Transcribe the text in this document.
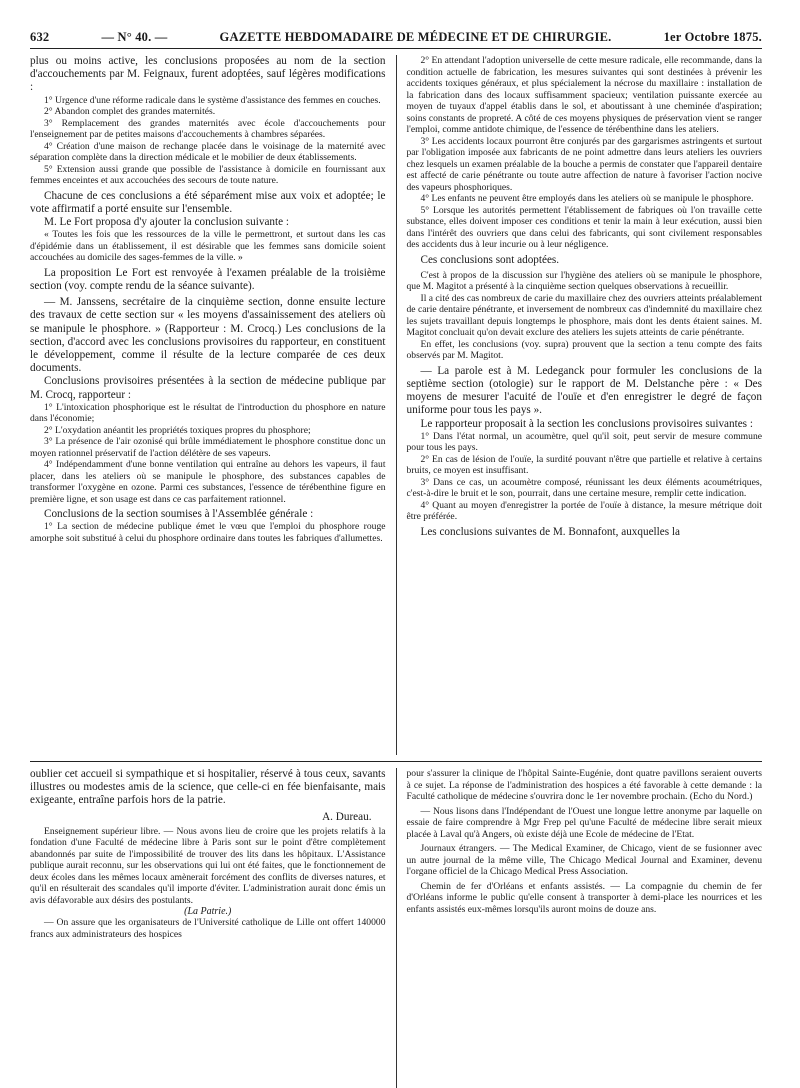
632	— N° 40. —	GAZETTE HEBDOMADAIRE DE MÉDECINE ET DE CHIRURGIE.	1er Octobre 1875.

plus ou moins active, les conclusions proposées au nom de la section d'accouchements par M. Feignaux, furent adoptées, sauf légères modifications :

1° Urgence d'une réforme radicale dans le système d'assistance des femmes en couches.

2° Abandon complet des grandes maternités.

3° Remplacement des grandes maternités avec école d'accouchements pour l'enseignement par de petites maisons d'accouchements à chambres séparées.

4° Création d'une maison de rechange placée dans le voisinage de la maternité avec séparation complète dans la direction médicale et le mobilier de deux établissements.

5° Extension aussi grande que possible de l'assistance à domicile en fournissant aux femmes enceintes et aux accouchées des secours de toute nature.

Chacune de ces conclusions a été séparément mise aux voix et adoptée; le vote affirmatif a porté ensuite sur l'ensemble.

M. Le Fort proposa d'y ajouter la conclusion suivante :

« Toutes les fois que les ressources de la ville le permettront, et surtout dans les cas d'épidémie dans un établissement, il est désirable que les femmes sans domicile soient accouchées au domicile des sages-femmes de la ville. »

La proposition Le Fort est renvoyée à l'examen préalable de la troisième section (voy. compte rendu de la séance suivante).

— M. Janssens, secrétaire de la cinquième section, donne ensuite lecture des travaux de cette section sur « les moyens d'assainissement des ateliers où se manipule le phosphore. » (Rapporteur : M. Crocq.) Les conclusions de la section, d'accord avec les conclusions provisoires du rapporteur, en constituent le développement, comme il résulte de la lecture comparée de ces deux documents.

Conclusions provisoires présentées à la section de médecine publique par M. Crocq, rapporteur :

1° L'intoxication phosphorique est le résultat de l'introduction du phosphore en nature dans l'économie;

2° L'oxydation anéantit les propriétés toxiques propres du phosphore;

3° La présence de l'air ozonisé qui brûle immédiatement le phosphore constitue donc un moyen rationnel préservatif de l'action délétère de ses vapeurs.

4° Indépendamment d'une bonne ventilation qui entraîne au dehors les vapeurs, il faut placer, dans les ateliers où se manipule le phosphore, des substances capables de transformer l'oxygène en ozone. Parmi ces substances, l'essence de térébenthine figure en première ligne, et son usage est dans ce cas parfaitement rationnel.

Conclusions de la section soumises à l'Assemblée générale :

1° La section de médecine publique émet le vœu que l'emploi du phosphore rouge amorphe soit substitué à celui du phosphore ordinaire dans toutes les fabriques d'allumettes.

2° En attendant l'adoption universelle de cette mesure radicale, elle recommande, dans la condition actuelle de fabrication, les mesures suivantes qui sont destinées à prévenir les accidents toxiques généraux, et plus spécialement la nécrose du maxillaire : installation de la fabrication dans des locaux suffisamment spacieux; ventilation puissante exercée au moyen de tuyaux d'appel établis dans le sol, et aboutissant à une cheminée d'aspiration; soins constants de propreté. A côté de ces moyens physiques de préservation vient se ranger l'emploi, comme antidote chimique, de l'essence de térébenthine dans les ateliers.

3° Les accidents locaux pourront être conjurés par des gargarismes astringents et surtout par l'obligation imposée aux fabricants de ne point admettre dans leurs ateliers les ouvriers chez lesquels un examen préalable de la bouche a permis de constater que l'appareil dentaire est affecté de carie pénétrante ou toute autre affection de nature à favoriser l'action nocive des vapeurs phosphoriques.

4° Les enfants ne peuvent être employés dans les ateliers où se manipule le phosphore.

5° Lorsque les autorités permettent l'établissement de fabriques où l'on travaille cette substance, elles doivent imposer ces conditions et tenir la main à leur exécution, aussi bien dans l'intérêt des ouvriers que dans celui des fabricants, qui sont civilement responsables des accidents dus à leur incurie ou à leur négligence.

Ces conclusions sont adoptées.

C'est à propos de la discussion sur l'hygiène des ateliers où se manipule le phosphore, que M. Magitot a présenté à la cinquième section quelques observations à recueillir.

Il a cité des cas nombreux de carie du maxillaire chez des ouvriers atteints préalablement de carie dentaire pénétrante, et inversement de nombreux cas d'indemnité du maxillaire chez les sujets travaillant depuis longtemps le phosphore, mais dont les dents étaient saines. M. Magitot concluait qu'on devait exclure des ateliers les sujets atteints de carie pénétrante.

En effet, les conclusions (voy. supra) prouvent que la section a tenu compte des faits observés par M. Magitot.

— La parole est à M. Ledeganck pour formuler les conclusions de la septième section (otologie) sur le rapport de M. Delstanche père : « Des moyens de mesurer l'acuité de l'ouïe et d'en enregistrer le degré de façon uniforme pour tous les pays ».

Le rapporteur proposait à la section les conclusions provisoires suivantes :

1° Dans l'état normal, un acoumètre, quel qu'il soit, peut servir de mesure commune pour tous les pays.

2° En cas de lésion de l'ouïe, la surdité pouvant n'être que partielle et relative à certains bruits, ce moyen est insuffisant.

3° Dans ce cas, un acoumètre composé, réunissant les deux éléments acoumétriques, c'est-à-dire le bruit et le son, pourrait, dans une certaine mesure, remplir cette indication.

4° Quant au moyen d'enregistrer la portée de l'ouïe à distance, la mesure métrique doit être préférée.

Les conclusions suivantes de M. Bonnafont, auxquelles la

oublier cet accueil si sympathique et si hospitalier, réservé à tous ceux, savants illustres ou modestes amis de la science, que celle-ci en fée bienfaisante, mais exigeante, entraîne parfois hors de la patrie.

A. Dureau.

Enseignement supérieur libre. — Nous avons lieu de croire que les projets relatifs à la fondation d'une Faculté de médecine libre à Paris sont sur le point d'être complètement abandonnés par suite de l'impossibilité de trouver des lits dans les hôpitaux. L'Assistance publique aurait reconnu, sur les observations qui lui ont été faites, que le fonctionnement de deux écoles dans les mêmes locaux amènerait forcément des conflits de diverses natures, et qu'il en résulterait des scandales qu'il importe d'éviter. L'administration aurait donc émis un avis défavorable aux désirs des postulants.

(La Patrie.)

— On assure que les organisateurs de l'Université catholique de Lille ont offert 140000 francs aux administrateurs des hospices

pour s'assurer la clinique de l'hôpital Sainte-Eugénie, dont quatre pavillons seraient ouverts à ce sujet. La réponse de l'administration des hospices a été favorable à cette demande : la Faculté catholique de médecine s'ouvrira donc le 1er novembre prochain. (Echo du Nord.)

— Nous lisons dans l'Indépendant de l'Ouest une longue lettre anonyme par laquelle on essaie de faire comprendre à Mgr Frep pel qu'une Faculté de médecine libre serait mieux placée à Laval qu'à Angers, où existe déjà une Ecole de médecine de l'Etat.

Journaux étrangers. — The Medical Examiner, de Chicago, vient de se fusionner avec un autre journal de la même ville, The Chicago Medical Journal and Examiner, devenu l'organe officiel de la Chicago Medical Press Association.

Chemin de fer d'Orléans et enfants assistés. — La compagnie du chemin de fer d'Orléans informe le public qu'elle consent à transporter à demi-place les nourrices et les enfants assistés eux-mêmes lorsqu'ils auront moins de douze ans.
